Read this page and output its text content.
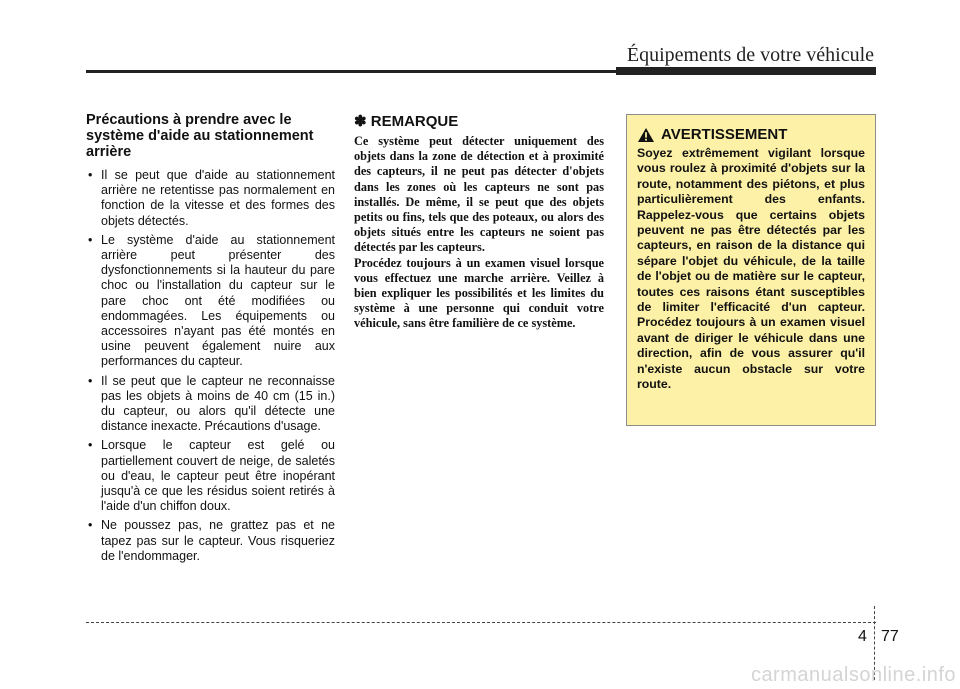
Équipements de votre véhicule
Précautions à prendre avec le système d'aide au stationnement arrière
• Il se peut que d'aide au stationnement arrière ne retentisse pas normalement en fonction de la vitesse et des formes des objets détectés.
• Le système d'aide au stationnement arrière peut présenter des dysfonctionnements si la hauteur du pare choc ou l'installation du capteur sur le pare choc ont été modifiées ou endommagées. Les équipements ou accessoires n'ayant pas été montés en usine peuvent également nuire aux performances du capteur.
• Il se peut que le capteur ne reconnaisse pas les objets à moins de 40 cm (15 in.) du capteur, ou alors qu'il détecte une distance inexacte. Précautions d'usage.
• Lorsque le capteur est gelé ou partiellement couvert de neige, de saletés ou d'eau, le capteur peut être inopérant jusqu'à ce que les résidus soient retirés à l'aide d'un chiffon doux.
• Ne poussez pas, ne grattez pas et ne tapez pas sur le capteur. Vous risqueriez de l'endommager.
✽ REMARQUE

Ce système peut détecter uniquement des objets dans la zone de détection et à proximité des capteurs, il ne peut pas détecter d'objets dans les zones où les capteurs ne sont pas installés. De même, il se peut que des objets petits ou fins, tels que des poteaux, ou alors des objets situés entre les capteurs ne soient pas détectés par les capteurs.

Procédez toujours à un examen visuel lorsque vous effectuez une marche arrière. Veillez à bien expliquer les possibilités et les limites du système à une personne qui conduit votre véhicule, sans être familière de ce système.

AVERTISSEMENT

Soyez extrêmement vigilant lorsque vous roulez à proximité d'objets sur la route, notamment des piétons, et plus particulièrement des enfants. Rappelez-vous que certains objets peuvent ne pas être détectés par les capteurs, en raison de la distance qui sépare l'objet du véhicule, de la taille de l'objet ou de matière sur le capteur, toutes ces raisons étant susceptibles de limiter l'efficacité d'un capteur. Procédez toujours à un examen visuel avant de diriger le véhicule dans une direction, afin de vous assurer qu'il n'existe aucun obstacle sur votre route.

4 77
carmanualsonline.info
